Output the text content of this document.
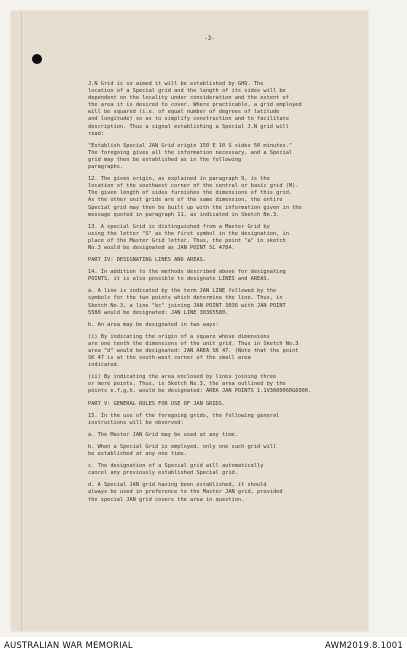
-3-

J.N Grid is so aimed it will be established by GHQ. The

location of a Special grid and the length of its sides will be

dependent on the locality under consideration and the extent of

the area it is desired to cover. Where practicable, a grid employed

will be squared (i.e. of equal number of degrees of latitude

and longitude) so as to simplify construction and to facilitate

description. Thus a signal establishing a Special J.N grid will

read:

"Establish Special JAN Grid origin 150 E 10 S sides 50 minutes."

The foregoing gives all the information necessary, and a Special

grid may then be established as in the following

paragraphs.

12. The given origin, as explained in paragraph 9, is the

location of the southwest corner of the central or basic grid (M).

The given length of sides furnishes the dimensions of this grid.

As the other unit grids are of the same dimension, the entire

Special grid may then be built up with the information given in the

message quoted in paragraph 11, as indicated in Sketch No.3.

13. A special Grid is distinguished from a Master Grid by

using the letter "S" as the first symbol in the designation, in

place of the Master Grid letter. Thus, the point "a" in sketch

No.3 would be designated as JAN POINT SL 4784.

PART IV: DESIGNATING LINES AND AREAS.

14. In addition to the methods described above for designating

POINTS, it is also possible to designate LINES and AREAS.

a. A line is indicated by the term JAN LINE followed by the

symbols for the two points which determine the line. Thus, in

Sketch No.3, a line "bc" joining JAN POINT 3036 with JAN POINT

5580 would be designated: JAN LINE 30365580.

b. An area may be designated in two ways:

(i) By indicating the origin of a square whose dimensions

are one tenth the dimensions of the unit grid. Thus in Sketch No.3

area "d" would be designated: JAN AREA SK 47. (Note that the point

SK 47 is at the south-west corner of the small area

indicated.

(ii) By indicating the area enclosed by lines joining three

or more points. Thus, in Sketch No.3, the area outlined by the

points e,f,g,h, would be designated: AREA JAN POINTS 1.1V3600060G6000.

PART V: GENERAL RULES FOR USE OF JAN GRIDS.

15. In the use of the foregoing grids, the following general

instructions will be observed:

a. The Master JAN Grid may be used at any time.

b. When a Special Grid is employed, only one such grid will

be established at any one time.

c. The designation of a Special grid will automatically

cancel any previously established Special grid.

d. A Special JAN grid having been established, it should

always be used in preference to the Master JAN grid, provided

the special JAN grid covers the area in question.

AUSTRALIAN WAR MEMORIAL	AWM2019.8.1001
